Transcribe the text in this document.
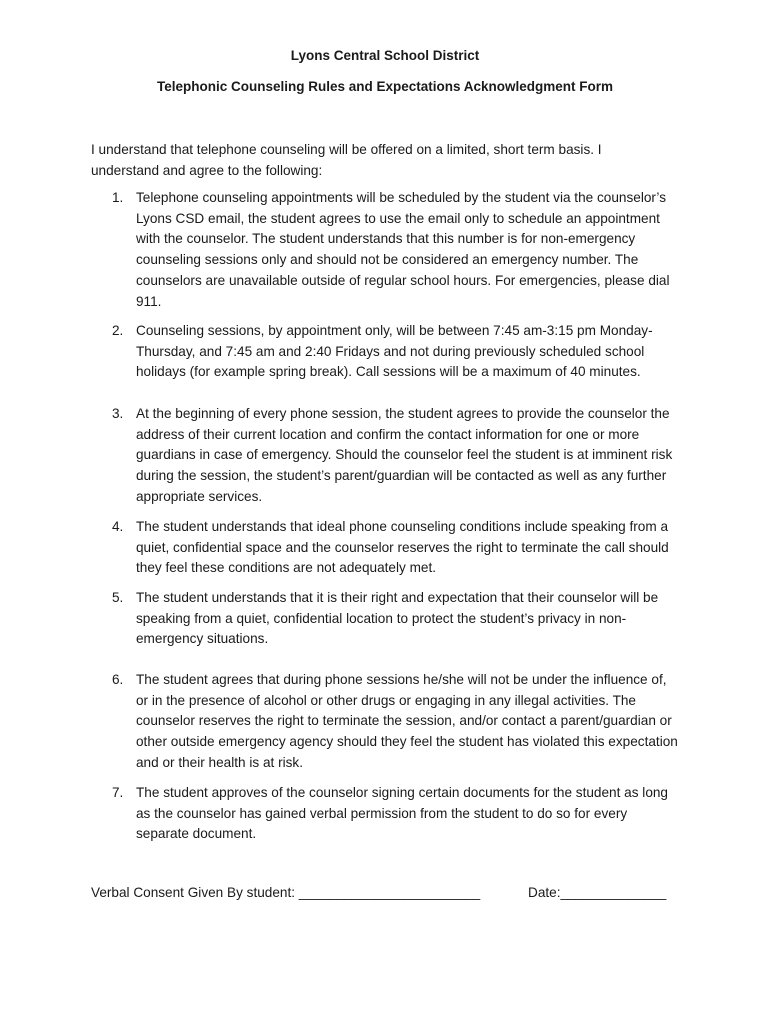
Lyons Central School District
Telephonic Counseling Rules and Expectations Acknowledgment Form
I understand that telephone counseling will be offered on a limited, short term basis. I understand and agree to the following:
1. Telephone counseling appointments will be scheduled by the student via the counselor’s Lyons CSD email, the student agrees to use the email only to schedule an appointment with the counselor. The student understands that this number is for non-emergency counseling sessions only and should not be considered an emergency number. The counselors are unavailable outside of regular school hours. For emergencies, please dial 911.
2. Counseling sessions, by appointment only, will be between 7:45 am-3:15 pm Monday-Thursday, and 7:45 am and 2:40 Fridays and not during previously scheduled school holidays (for example spring break). Call sessions will be a maximum of 40 minutes.
3. At the beginning of every phone session, the student agrees to provide the counselor the address of their current location and confirm the contact information for one or more guardians in case of emergency. Should the counselor feel the student is at imminent risk during the session, the student’s parent/guardian will be contacted as well as any further appropriate services.
4. The student understands that ideal phone counseling conditions include speaking from a quiet, confidential space and the counselor reserves the right to terminate the call should they feel these conditions are not adequately met.
5. The student understands that it is their right and expectation that their counselor will be speaking from a quiet, confidential location to protect the student’s privacy in non-emergency situations.
6. The student agrees that during phone sessions he/she will not be under the influence of, or in the presence of alcohol or other drugs or engaging in any illegal activities. The counselor reserves the right to terminate the session, and/or contact a parent/guardian or other outside emergency agency should they feel the student has violated this expectation and or their health is at risk.
7. The student approves of the counselor signing certain documents for the student as long as the counselor has gained verbal permission from the student to do so for every separate document.
Verbal Consent Given By student: ________________________	Date:______________
